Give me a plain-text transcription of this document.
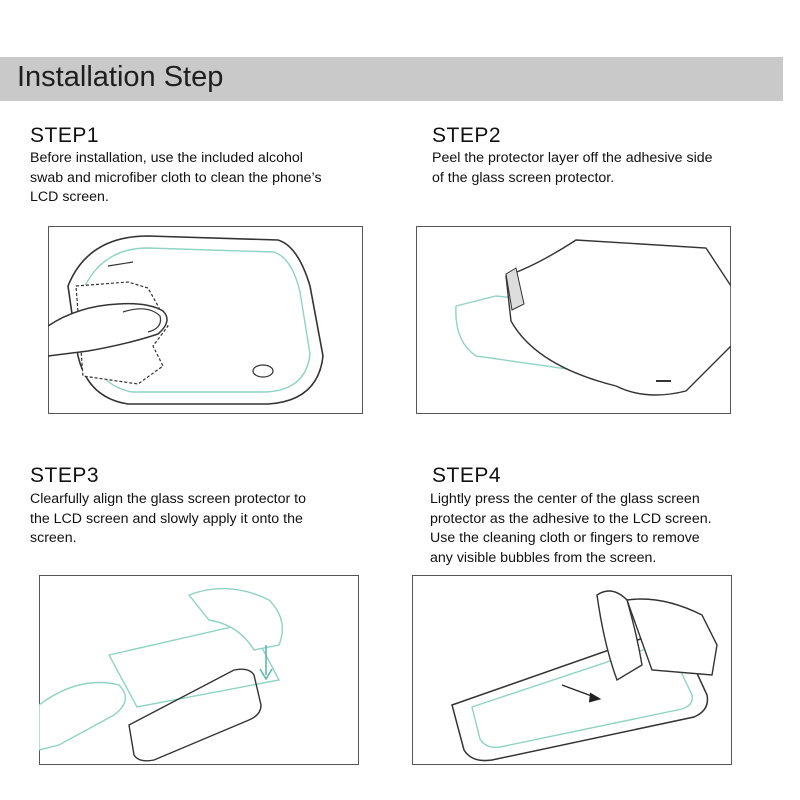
Installation Step
STEP1
Before installation, use the included alcohol
swab and microfiber cloth to clean the phone’s
LCD screen.
STEP2
Peel the protector layer off the adhesive side
of the glass screen protector.
STEP3
Clearfully align the glass screen protector to
the LCD screen and slowly apply it onto the
screen.
STEP4
Lightly press the center of the glass screen
protector as the adhesive to the LCD screen.
Use the cleaning cloth or fingers to remove
any visible bubbles from the screen.
